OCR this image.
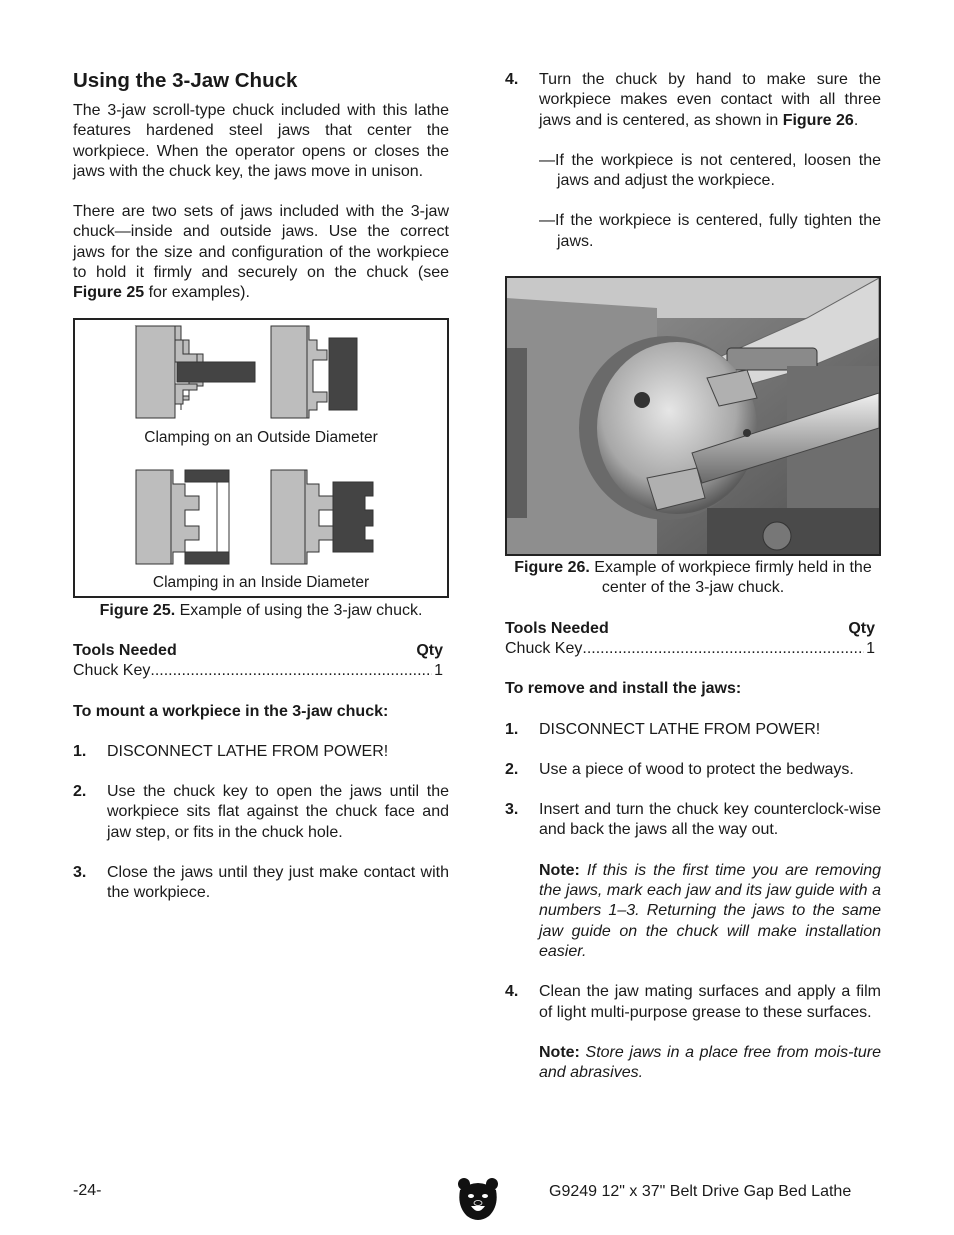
Using the 3-Jaw Chuck

The 3-jaw scroll-type chuck included with this lathe features hardened steel jaws that center the workpiece. When the operator opens or closes the jaws with the chuck key, the jaws move in unison.

There are two sets of jaws included with the 3-jaw chuck—inside and outside jaws. Use the correct jaws for the size and configuration of the workpiece to hold it firmly and securely on the chuck (see Figure 25 for examples).

Clamping on an Outside Diameter
Clamping in an Inside Diameter
Figure 25. Example of using the 3-jaw chuck.
Tools Needed	Qty
Chuck Key .....	1
To mount a workpiece in the 3-jaw chuck:
1.	DISCONNECT LATHE FROM POWER!
2.	Use the chuck key to open the jaws until the workpiece sits flat against the chuck face and jaw step, or fits in the chuck hole.
3.	Close the jaws until they just make contact with the workpiece.
4.	Turn the chuck by hand to make sure the workpiece makes even contact with all three jaws and is centered, as shown in Figure 26.
—If the workpiece is not centered, loosen the jaws and adjust the workpiece.
—If the workpiece is centered, fully tighten the jaws.
Figure 26. Example of workpiece firmly held in the center of the 3-jaw chuck.
Tools Needed	Qty
Chuck Key .....	1
To remove and install the jaws:
1.	DISCONNECT LATHE FROM POWER!
2.	Use a piece of wood to protect the bedways.
3.	Insert and turn the chuck key counterclock-wise and back the jaws all the way out.
Note: If this is the first time you are removing the jaws, mark each jaw and its jaw guide with a numbers 1–3. Returning the jaws to the same jaw guide on the chuck will make installation easier.
4.	Clean the jaw mating surfaces and apply a film of light multi-purpose grease to these surfaces.
Note: Store jaws in a place free from mois-ture and abrasives.
-24-	G9249 12" x 37" Belt Drive Gap Bed Lathe
